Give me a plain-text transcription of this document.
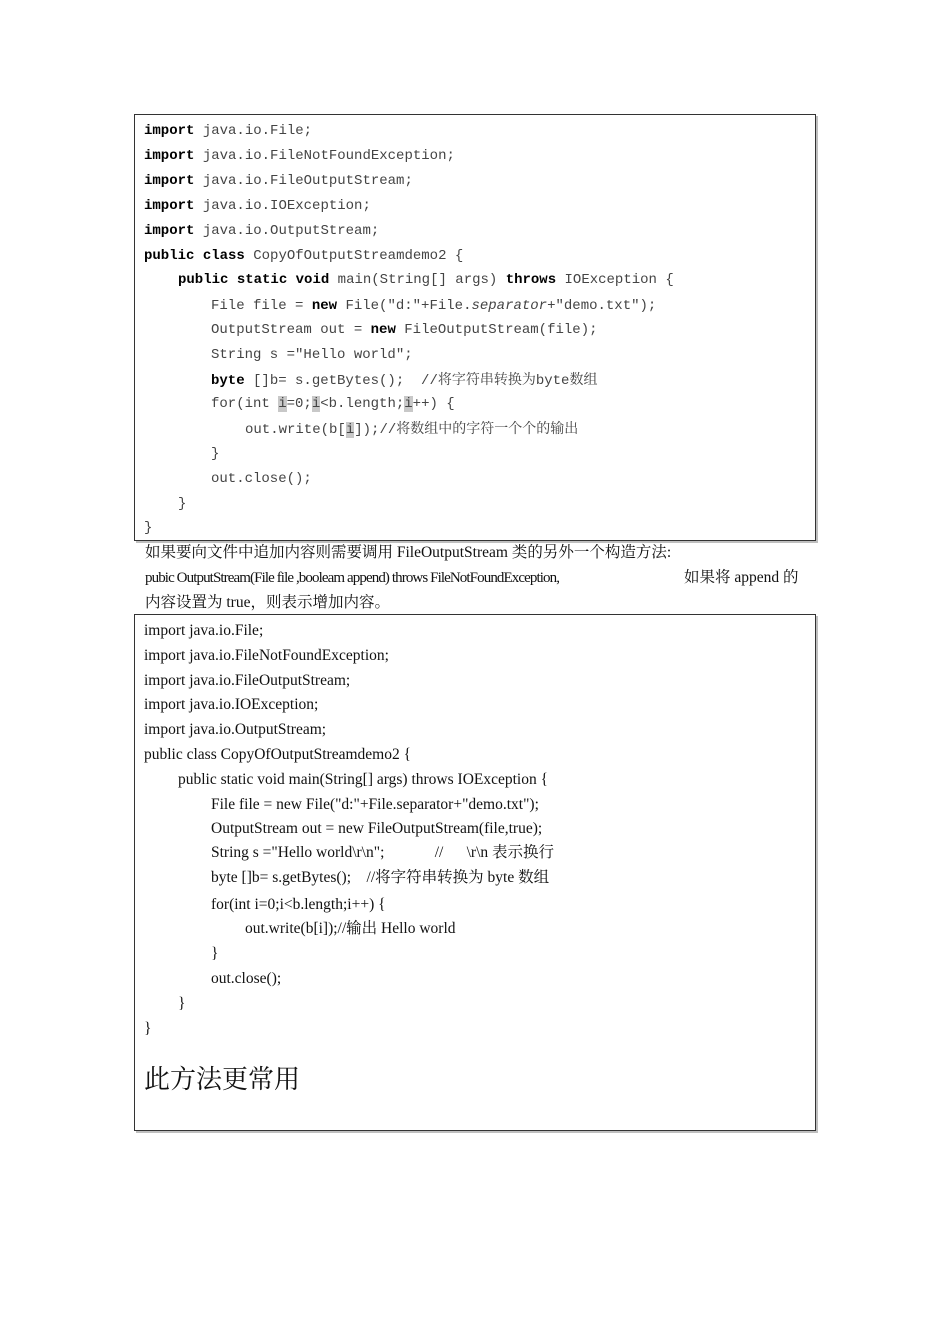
import java.io.File;
import java.io.FileNotFoundException;
import java.io.FileOutputStream;
import java.io.IOException;
import java.io.OutputStream;
public class CopyOfOutputStreamdemo2 {
public static void main(String[] args) throws IOException {
File file = new File("d:"+File.separator+"demo.txt");
OutputStream out = new FileOutputStream(file);
String s ="Hello world";
byte []b= s.getBytes();  //将字符串转换为byte数组
for(int i=0;i<b.length;i++) {
out.write(b[i]);//将数组中的字符一个个的输出
}
out.close();
}
}
如果要向文件中追加内容则需要调用 FileOutputStream 类的另外一个构造方法:
pubic OutputStream(File file ,booleam append) throws FileNotFoundException,	如果将 append 的
内容设置为 true，则表示增加内容。
import java.io.File;
import java.io.FileNotFoundException;
import java.io.FileOutputStream;
import java.io.IOException;
import java.io.OutputStream;
public class CopyOfOutputStreamdemo2 {
public static void main(String[] args) throws IOException {
File file = new File("d:"+File.separator+"demo.txt");
OutputStream out = new FileOutputStream(file,true);
String s ="Hello world\r\n";             //      \r\n 表示换行
byte []b= s.getBytes();    //将字符串转换为 byte 数组
for(int i=0;i<b.length;i++) {
out.write(b[i]);//输出 Hello world
}
out.close();
}
}
此方法更常用
